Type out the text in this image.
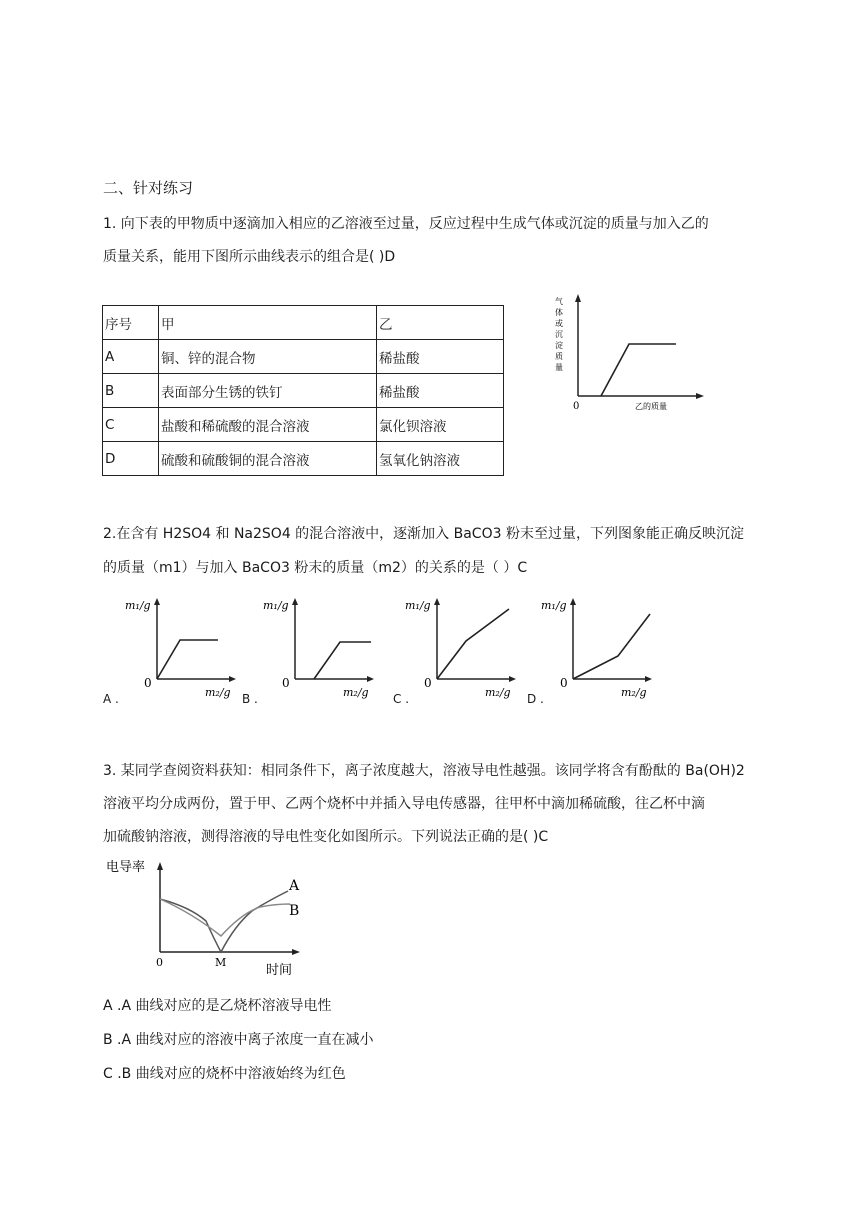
二、针对练习
1. 向下表的甲物质中逐滴加入相应的乙溶液至过量，反应过程中生成气体或沉淀的质量与加入乙的
质量关系，能用下图所示曲线表示的组合是( )D
序号	甲	乙
A	铜、锌的混合物	稀盐酸
B	表面部分生锈的铁钉	稀盐酸
C	盐酸和稀硫酸的混合溶液	氯化钡溶液
D	硫酸和硫酸铜的混合溶液	氢氧化钠溶液
0	乙的质量
气
体
或
沉
淀
质
量
2.在含有 H2SO4 和 Na2SO4 的混合溶液中，逐渐加入 BaCO3 粉末至过量，下列图象能正确反映沉淀
的质量（m1）与加入 BaCO3 粉末的质量（m2）的关系的是（ ）C
m₁/g
m₂/g
0
A .
m₁/g
m₂/g
0
B .
m₁/g
m₂/g
0
C .
m₁/g
m₂/g
0
D .
3. 某同学查阅资料获知：相同条件下，离子浓度越大，溶液导电性越强。该同学将含有酚酞的 Ba(OH)2
溶液平均分成两份，置于甲、乙两个烧杯中并插入导电传感器，往甲杯中滴加稀硫酸，往乙杯中滴
加硫酸钠溶液，测得溶液的导电性变化如图所示。下列说法正确的是( )C
电导率
时间
0	M
A
B
A .A 曲线对应的是乙烧杯溶液导电性
B .A 曲线对应的溶液中离子浓度一直在减小
C .B 曲线对应的烧杯中溶液始终为红色
